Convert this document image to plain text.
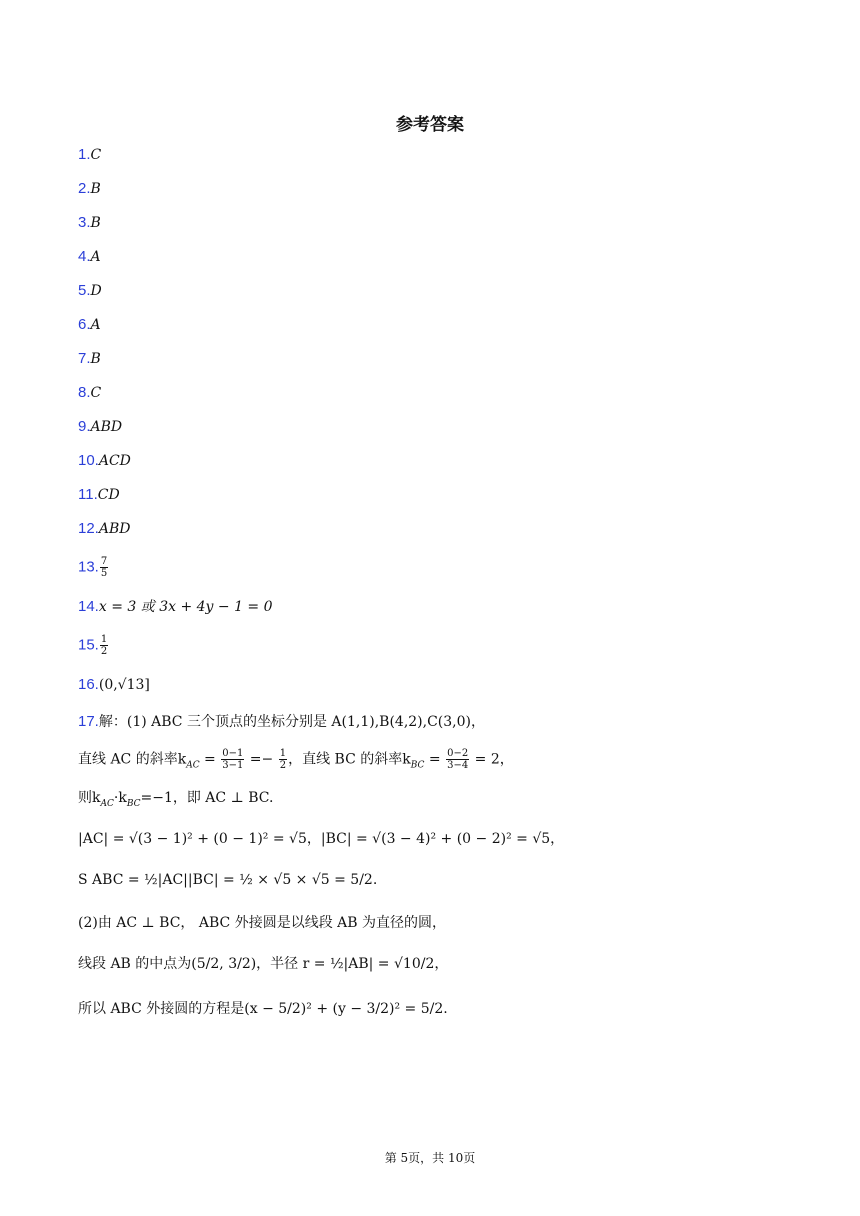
参考答案
1.C
2.B
3.B
4.A
5.D
6.A
7.B
8.C
9.ABD
10.ACD
11.CD
12.ABD
13. $\frac{7}{5}$
14.x = 3 或 3x + 4y − 1 = 0
15. $\frac{1}{2}$
16.(0,√13]
17.解：(1) ABC 三个顶点的坐标分别是 A(1,1),B(4,2),C(3,0)，
直线 AC 的斜率$k_{AC} = \frac{0-1}{3-1} =- \frac{1}{2}$ ，直线 BC 的斜率$k_{BC} = \frac{0-2}{3-4} = 2$，
则$k_{AC}\cdot k_{BC}=-1$，即 AC ⊥ BC.
|AC| = √(3 − 1)² + (0 − 1)² = √5，|BC| = √(3 − 4)² + (0 − 2)² = √5，
S ABC = ½|AC||BC| = ½ × √5 × √5 = 5/2.
(2)由 AC ⊥ BC， ABC 外接圆是以线段 AB 为直径的圆，
线段 AB 的中点为(5/2, 3/2)，半径 r = ½|AB| = √10/2，
所以 ABC 外接圆的方程是(x − 5/2)² + (y − 3/2)² = 5/2.
第 5页，共 10页
